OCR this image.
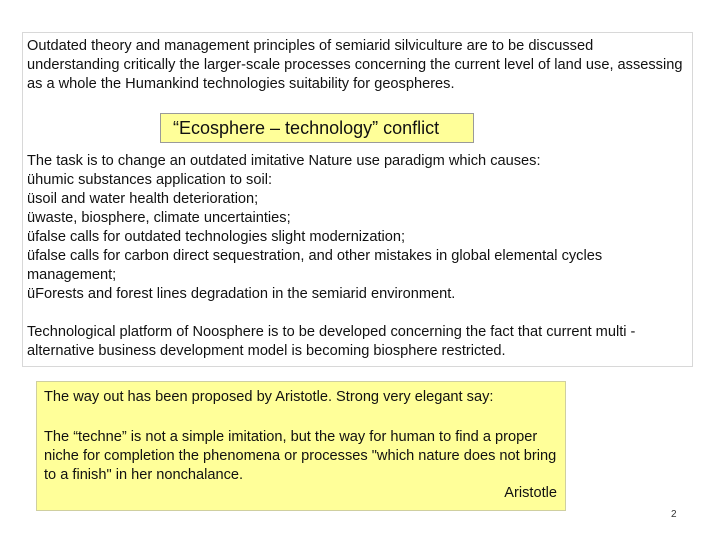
Outdated theory and management principles of semiarid silviculture are to be discussed understanding critically the larger-scale processes concerning the current level of land use, assessing as a whole the Humankind technologies suitability for geospheres.

“Ecosphere – technology” conflict

The task is to change an outdated imitative Nature use paradigm which causes:
ühumic substances application to soil:
üsoil and water health deterioration;
üwaste, biosphere, climate uncertainties;
üfalse calls for outdated technologies slight modernization;
üfalse calls for carbon direct sequestration, and other mistakes in global elemental cycles management;
üForests and forest lines degradation in the semiarid environment.

Technological platform of Noosphere is to be developed concerning the fact that current multi -alternative business development model is becoming biosphere restricted.

The way out has been proposed by Aristotle. Strong very elegant say:
The “techne” is not a simple imitation, but the way for human to find a proper niche for completion the phenomena or processes "which nature does not bring to a finish" in her nonchalance.
Aristotle
2
